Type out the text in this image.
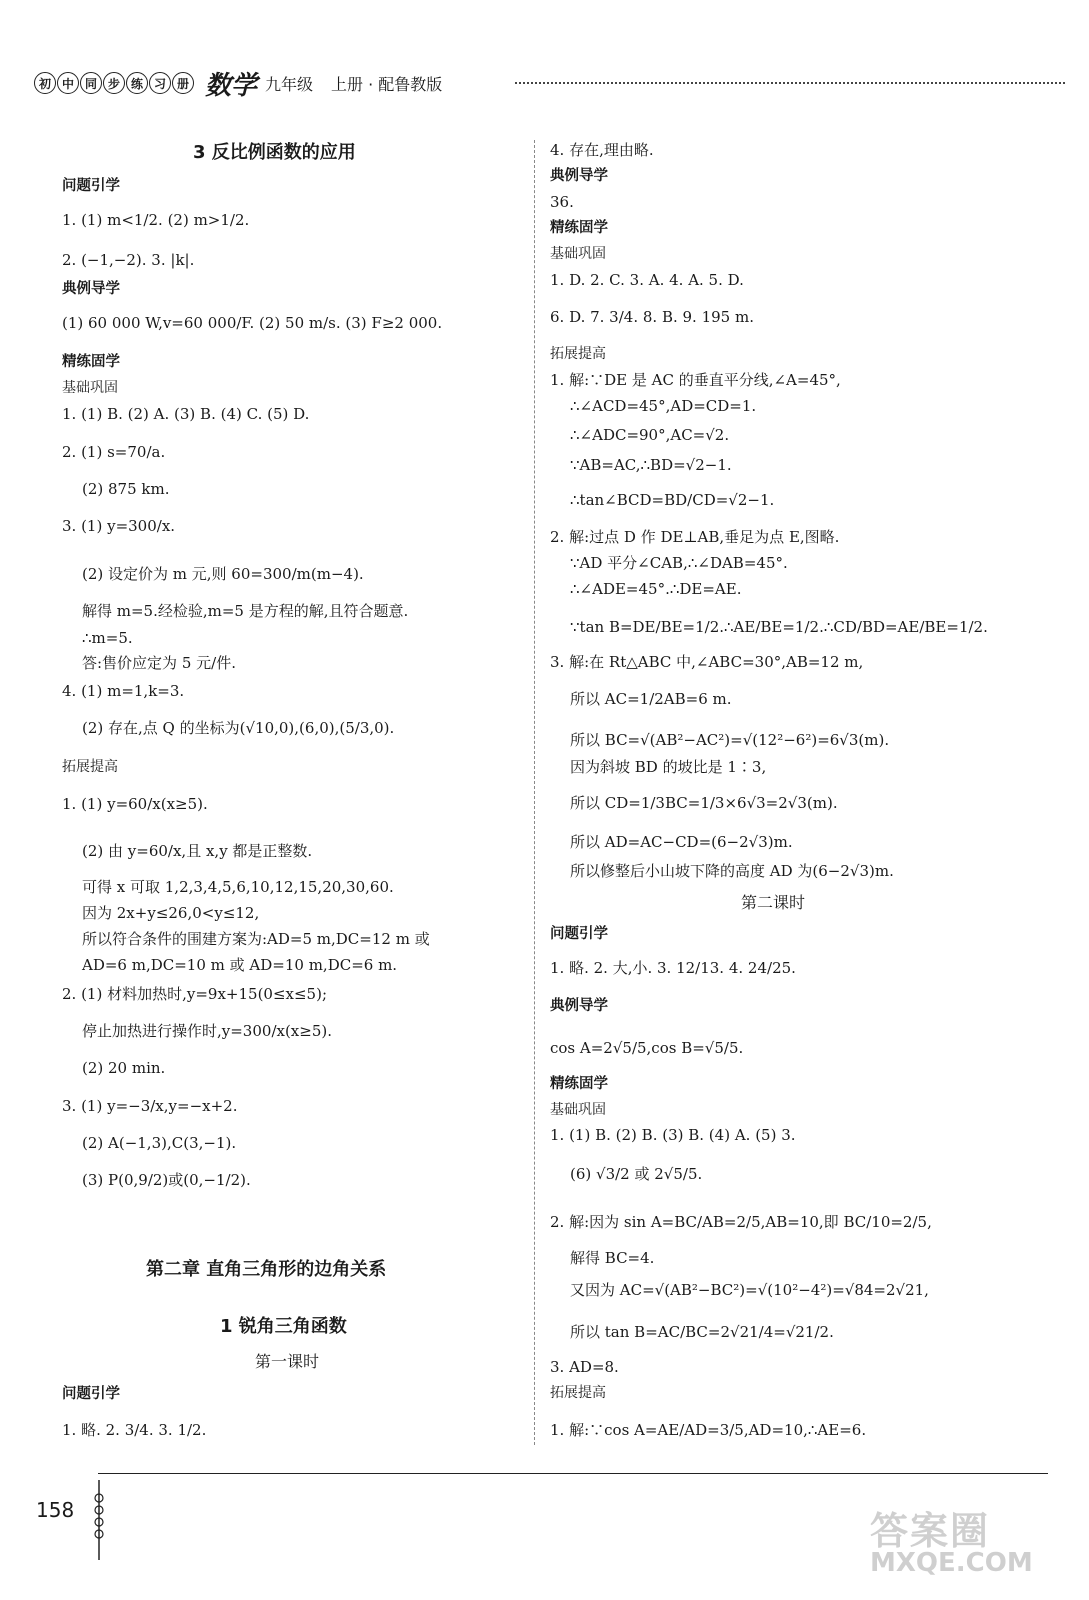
初 中 同 步 练 习 册 数学 九年级 上册 · 配鲁教版
3 反比例函数的应用
问题引学
1. (1) m<1/2. (2) m>1/2.
2. (−1,−2). 3. |k|.
典例导学
(1) 60 000 W,v=60 000/F. (2) 50 m/s. (3) F≥2 000.
精练固学
基础巩固
1. (1) B. (2) A. (3) B. (4) C. (5) D.
2. (1) s=70/a.
(2) 875 km.
3. (1) y=300/x.
(2) 设定价为 m 元,则 60=300/m(m−4).
解得 m=5.经检验,m=5 是方程的解,且符合题意.
∴m=5.
答:售价应定为 5 元/件.
4. (1) m=1,k=3.
(2) 存在,点 Q 的坐标为(√10,0),(6,0),(5/3,0).
拓展提高
1. (1) y=60/x(x≥5).
(2) 由 y=60/x,且 x,y 都是正整数.
可得 x 可取 1,2,3,4,5,6,10,12,15,20,30,60.
因为 2x+y≤26,0<y≤12,
所以符合条件的围建方案为:AD=5 m,DC=12 m 或
AD=6 m,DC=10 m 或 AD=10 m,DC=6 m.
2. (1) 材料加热时,y=9x+15(0≤x≤5);
停止加热进行操作时,y=300/x(x≥5).
(2) 20 min.
3. (1) y=−3/x,y=−x+2.
(2) A(−1,3),C(3,−1).
(3) P(0,9/2)或(0,−1/2).
第二章 直角三角形的边角关系
1 锐角三角函数
第一课时
问题引学
1. 略. 2. 3/4. 3. 1/2.
4. 存在,理由略.
典例导学
36.
精练固学
基础巩固
1. D. 2. C. 3. A. 4. A. 5. D.
6. D. 7. 3/4. 8. B. 9. 195 m.
拓展提高
1. 解:∵DE 是 AC 的垂直平分线,∠A=45°,
∴∠ACD=45°,AD=CD=1.
∴∠ADC=90°,AC=√2.
∵AB=AC,∴BD=√2−1.
∴tan∠BCD=BD/CD=√2−1.
2. 解:过点 D 作 DE⊥AB,垂足为点 E,图略.
∵AD 平分∠CAB,∴∠DAB=45°.
∴∠ADE=45°.∴DE=AE.
∵tan B=DE/BE=1/2.∴AE/BE=1/2.∴CD/BD=AE/BE=1/2.
3. 解:在 Rt△ABC 中,∠ABC=30°,AB=12 m,
所以 AC=1/2AB=6 m.
所以 BC=√(AB²−AC²)=√(12²−6²)=6√3(m).
因为斜坡 BD 的坡比是 1∶3,
所以 CD=1/3BC=1/3×6√3=2√3(m).
所以 AD=AC−CD=(6−2√3)m.
所以修整后小山坡下降的高度 AD 为(6−2√3)m.
第二课时
问题引学
1. 略. 2. 大,小. 3. 12/13. 4. 24/25.
典例导学
cos A=2√5/5,cos B=√5/5.
精练固学
基础巩固
1. (1) B. (2) B. (3) B. (4) A. (5) 3.
(6) √3/2 或 2√5/5.
2. 解:因为 sin A=BC/AB=2/5,AB=10,即 BC/10=2/5,
解得 BC=4.
又因为 AC=√(AB²−BC²)=√(10²−4²)=√84=2√21,
所以 tan B=AC/BC=2√21/4=√21/2.
3. AD=8.
拓展提高
1. 解:∵cos A=AE/AD=3/5,AD=10,∴AE=6.
158	答案圈
MXQE.COM
